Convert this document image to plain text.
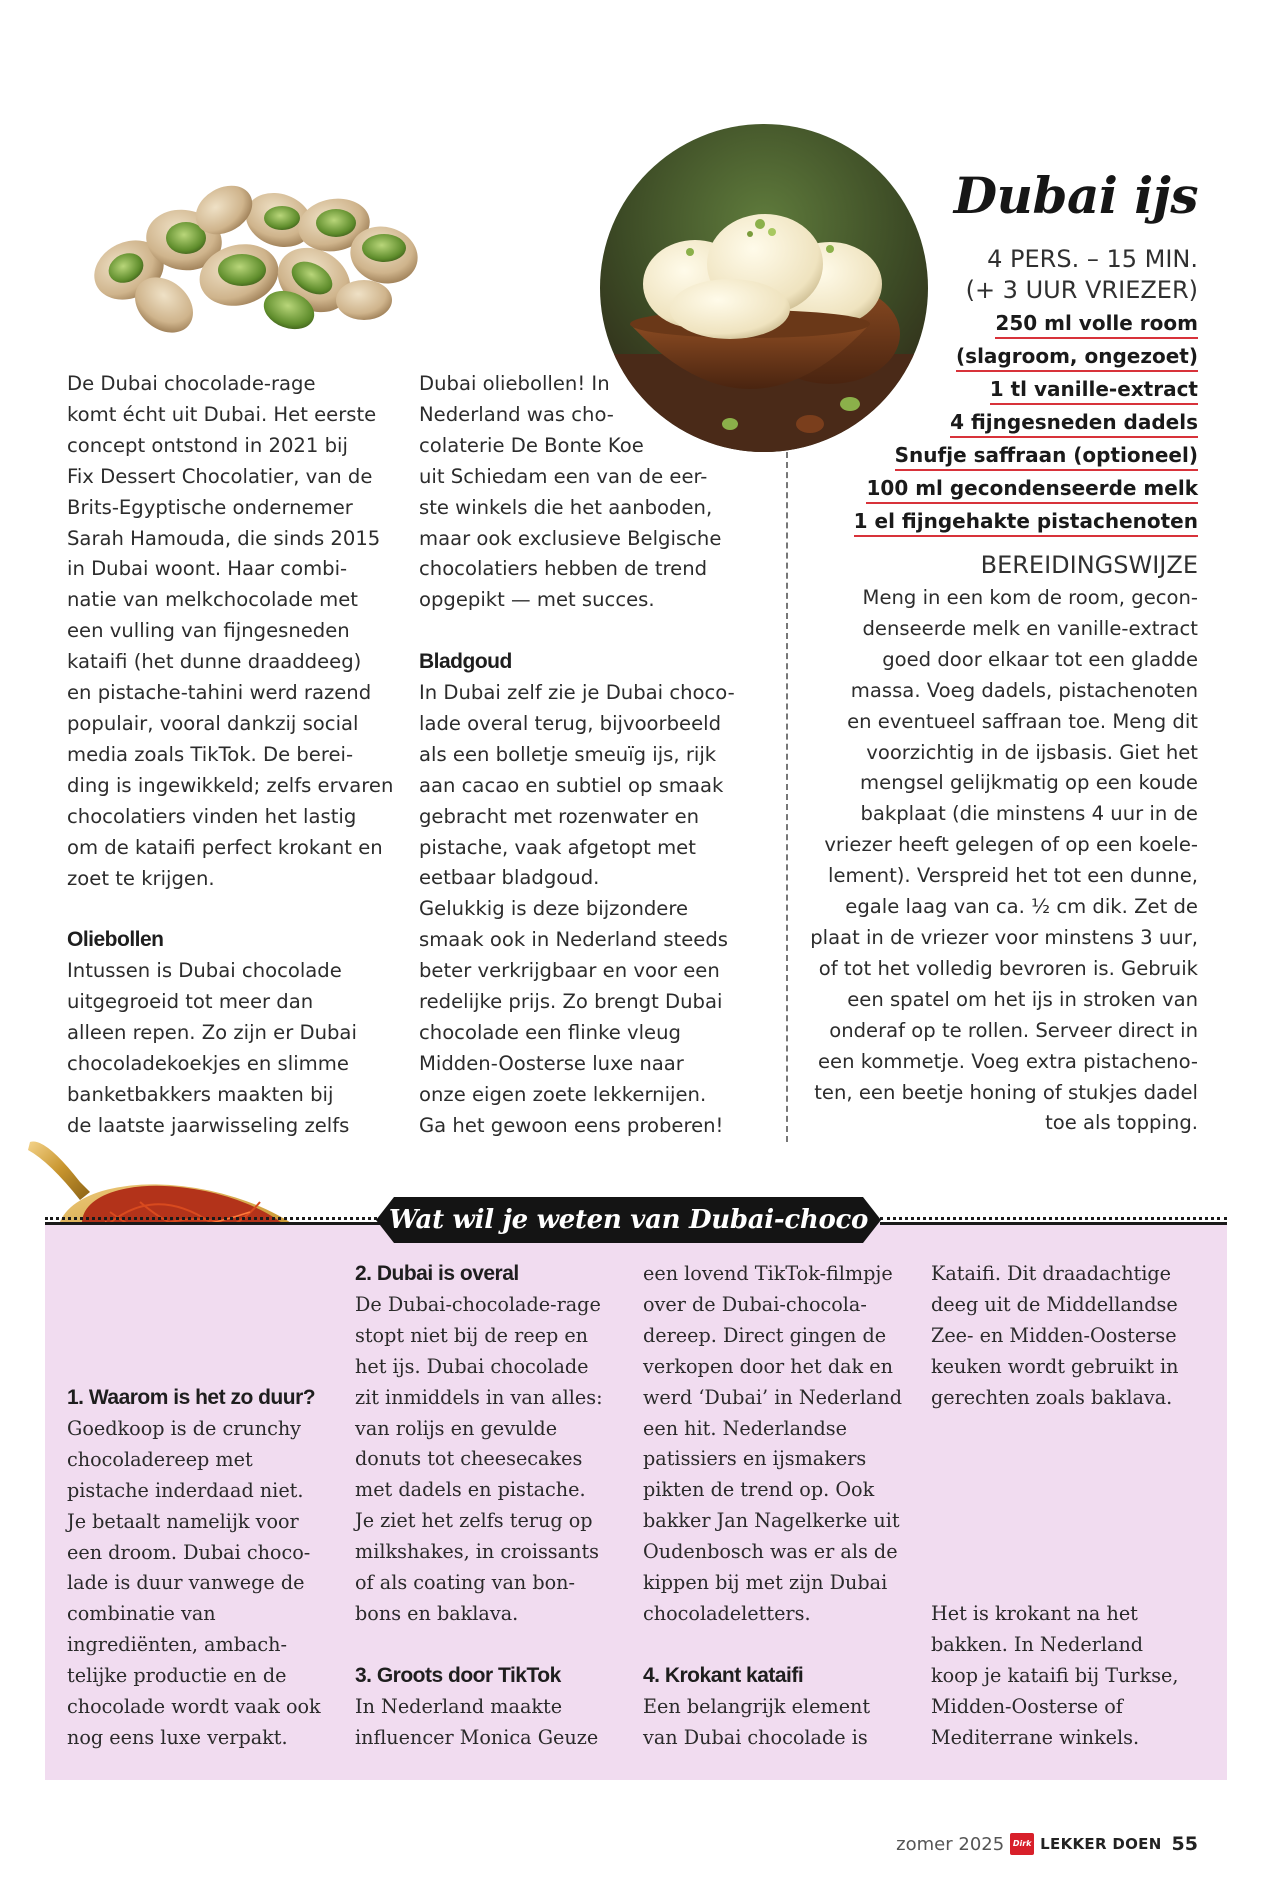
De Dubai chocolade-rage

komt écht uit Dubai. Het eerste

concept ontstond in 2021 bij

Fix Dessert Chocolatier, van de

Brits-Egyptische ondernemer

Sarah Hamouda, die sinds 2015

in Dubai woont. Haar combi-

natie van melkchocolade met

een vulling van fijngesneden

kataifi (het dunne draaddeeg)

en pistache-tahini werd razend

populair, vooral dankzij social

media zoals TikTok. De berei-

ding is ingewikkeld; zelfs ervaren

chocolatiers vinden het lastig

om de kataifi perfect krokant en

zoet te krijgen.

Oliebollen

Intussen is Dubai chocolade

uitgegroeid tot meer dan

alleen repen. Zo zijn er Dubai

chocoladekoekjes en slimme

banketbakkers maakten bij

de laatste jaarwisseling zelfs

Dubai oliebollen! In

Nederland was cho-

colaterie De Bonte Koe

uit Schiedam een van de eer-

ste winkels die het aanboden,

maar ook exclusieve Belgische

chocolatiers hebben de trend

opgepikt — met succes.

Bladgoud

In Dubai zelf zie je Dubai choco-

lade overal terug, bijvoorbeeld

als een bolletje smeuïg ijs, rijk

aan cacao en subtiel op smaak

gebracht met rozenwater en

pistache, vaak afgetopt met

eetbaar bladgoud.

Gelukkig is deze bijzondere

smaak ook in Nederland steeds

beter verkrijgbaar en voor een

redelijke prijs. Zo brengt Dubai

chocolade een flinke vleug

Midden-Oosterse luxe naar

onze eigen zoete lekkernijen.

Ga het gewoon eens proberen!

Dubai ijs
4 PERS. – 15 MIN.
(+ 3 UUR VRIEZER)
250 ml volle room
(slagroom, ongezoet)
1 tl vanille-extract
4 fijngesneden dadels
Snufje saffraan (optioneel)
100 ml gecondenseerde melk
1 el fijngehakte pistachenoten
BEREIDINGSWIJZE

Meng in een kom de room, gecon-

denseerde melk en vanille-extract

goed door elkaar tot een gladde

massa. Voeg dadels, pistachenoten

en eventueel saffraan toe. Meng dit

voorzichtig in de ijsbasis. Giet het

mengsel gelijkmatig op een koude

bakplaat (die minstens 4 uur in de

vriezer heeft gelegen of op een koele-

lement). Verspreid het tot een dunne,

egale laag van ca. ½ cm dik. Zet de

plaat in de vriezer voor minstens 3 uur,

of tot het volledig bevroren is. Gebruik

een spatel om het ijs in stroken van

onderaf op te rollen. Serveer direct in

een kommetje. Voeg extra pistacheno-

ten, een beetje honing of stukjes dadel

toe als topping.

Wat wil je weten van Dubai-choco

1. Waarom is het zo duur?

Goedkoop is de crunchy

chocoladereep met

pistache inderdaad niet.

Je betaalt namelijk voor

een droom. Dubai choco-

lade is duur vanwege de

combinatie van

ingrediënten, ambach-

telijke productie en de

chocolade wordt vaak ook

nog eens luxe verpakt.

2. Dubai is overal

De Dubai-chocolade-rage

stopt niet bij de reep en

het ijs. Dubai chocolade

zit inmiddels in van alles:

van rolijs en gevulde

donuts tot cheesecakes

met dadels en pistache.

Je ziet het zelfs terug op

milkshakes, in croissants

of als coating van bon-

bons en baklava.

3. Groots door TikTok

In Nederland maakte

influencer Monica Geuze

een lovend TikTok-filmpje

over de Dubai-chocola-

dereep. Direct gingen de

verkopen door het dak en

werd ‘Dubai’ in Nederland

een hit. Nederlandse

patissiers en ijsmakers

pikten de trend op. Ook

bakker Jan Nagelkerke uit

Oudenbosch was er als de

kippen bij met zijn Dubai

chocoladeletters.

4. Krokant kataifi

Een belangrijk element

van Dubai chocolade is

Kataifi. Dit draadachtige

deeg uit de Middellandse

Zee- en Midden-Oosterse

keuken wordt gebruikt in

gerechten zoals baklava.

Het is krokant na het

bakken. In Nederland

koop je kataifi bij Turkse,

Midden-Oosterse of

Mediterrane winkels.

zomer 2025	Dirk LEKKER DOEN 55
